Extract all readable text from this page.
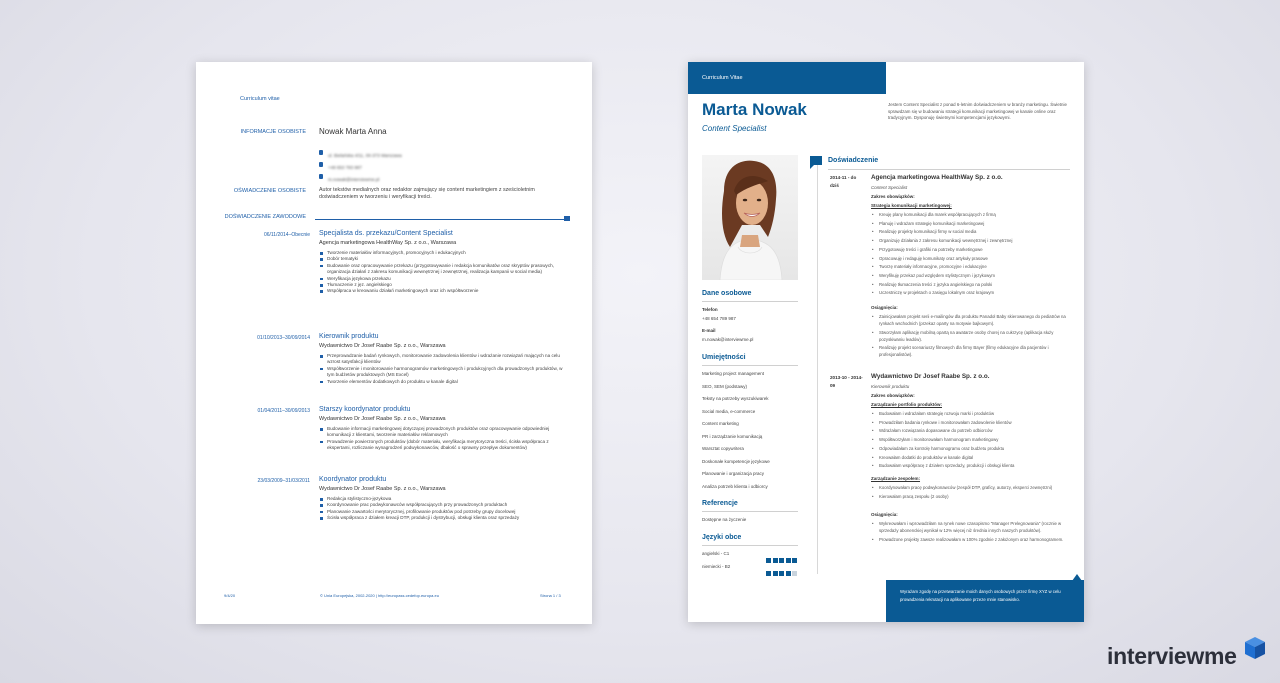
Curriculum vitae
INFORMACJE OSOBISTE Nowak Marta Anna
ul. Bielańska 4/11, 00-373 Warszawa
+48 653 783 987
m.nowak@interviewme.pl
OŚWIADCZENIE OSOBISTE Autor tekstów medialnych oraz redaktor zajmujący się content marketingiem z sześcioletnim doświadczeniem w tworzeniu i weryfikacji treści.
DOŚWIADCZENIE ZAWODOWE
06/11/2014–Obecnie Specjalista ds. przekazu/Content Specialist
Agencja marketingowa HealthWay Sp. z o.o., Warszawa
Tworzenie materiałów informacyjnych, promocyjnych i edukacyjnych
Dobór tematyki
Budowanie oraz opracowywanie przekazu (przygotowywanie i redakcja komunikatów oraz skryptów prasowych, organizacja działań z zakresu komunikacji wewnętrznej i zewnętrznej, realizacja kampanii w social media)
Weryfikacja językowa przekazu
Tłumaczenie z jęz. angielskiego
Współpraca w kreowaniu działań marketingowych oraz ich współtworzenie
01/10/2013–30/09/2014 Kierownik produktu
Wydawnictwo Dr Josef Raabe Sp. z o.o., Warszawa
Przeprowadzanie badań rynkowych, monitorowanie zadowolenia klientów i wdrażanie rozwiązań mających na celu wzrost satysfakcji klientów
Współtworzenie i monitorowanie harmonogramów marketingowych i produkcyjnych dla prowadzonych produktów, w tym budżetów produktowych (MS Excel)
Tworzenie elementów dodatkowych do produktu w kanale digital
01/04/2011–30/09/2013 Starszy koordynator produktu
Wydawnictwo Dr Josef Raabe Sp. z o.o., Warszawa
Budowanie informacji marketingowej dotyczącej prowadzonych produktów oraz opracowywanie odpowiedniej komunikacji z klientami, tworzenie materiałów reklamowych
Prowadzenie powierzonych produktów (dobór materiału, weryfikacja merytoryczna treści, ścisła współpraca z ekspertami, rozliczanie wynagrodzeń podwykonawców, dbałość o sprawny przepływ dokumentów)
23/03/2009–31/03/2011 Koordynator produktu
Wydawnictwo Dr Josef Raabe Sp. z o.o., Warszawa
Redakcja stylistyczno-językowa
Koordynowanie prac podwykonawców współpracujących przy prowadzonych produktach
Planowanie zawartości merytorycznej, profilowanie produktów pod potrzeby grupy docelowej
Ścisła współpraca z działem kreacji DTP, produkcji i dystrybucji, obsługi klienta oraz sprzedaży
9/4/20	© Unia Europejska, 2002-2020 | http://europass.cedefop.europa.eu	Strona 1 / 3
Curriculum Vitae
Marta Nowak
Content Specialist
Jestem Content Specialist z ponad 6-letnim doświadczeniem w branży marketingu. Świetnie sprawdzam się w budowaniu strategii komunikacji marketingowej w kanale online oraz tradycyjnym. Dysponuję świetnymi kompetencjami językowymi.
Dane osobowe
Telefon
+48 654 789 987
E-mail
m.nowak@interviewme.pl
Umiejętności
Marketing project management
SEO, SEM (podstawy)
Teksty na potrzeby wyszukiwarek
Social media, e-commerce
Content marketing
PR i zarządzanie komunikacją
Warsztat copywritera
Doskonałe kompetencje językowe
Planowanie i organizacja pracy
Analiza potrzeb klienta i odbiorcy
Referencje
Dostępne na życzenie
Języki obce
angielski - C1
niemiecki - B2
Doświadczenie
2014-11 - do dziś
Agencja marketingowa HealthWay Sp. z o.o.
Content Specialist
Zakres obowiązków:
Strategia komunikacji marketingowej:
• Kreuję plany komunikacji dla marek współpracujących z firmą
• Planuję i wdrażam strategię komunikacji marketingowej
• Realizuję projekty komunikacji firmy w social media
• Organizuję działania z zakresu komunikacji wewnętrznej i zewnętrznej
• Przygotowuję treści i grafiki na potrzeby marketingowe
• Opracowuję i redaguję komunikaty oraz artykuły prasowe
• Tworzę materiały informacyjne, promocyjne i edukacyjne
• Weryfikuję przekaz pod względem stylistycznym i językowym
• Realizuję tłumaczenia treści z języka angielskiego na polski
• Uczestniczę w projektach o zasięgu lokalnym oraz krajowym
Osiągnięcia:
• Zainicjowałam projekt serii e-mailingów dla produktu Panadol Baby skierowanego do pediatrów na rynkach wschodnich (przekaz oparty na motywie bajkowym).
• Stworzyłam aplikację mobilną opartą na awatarze osoby chorej na cukrzycę (aplikacja służy pozyskiwaniu leadów).
• Realizuję projekt scenariuszy filmowych dla firmy Bayer (filmy edukacyjne dla pacjentów i profesjonalistów).
2013-10 - 2014-09
Wydawnictwo Dr Josef Raabe Sp. z o.o.
Kierownik produktu
Zakres obowiązków:
Zarządzanie portfolio produktów:
• Budowałam i wdrażałam strategię rozwoju marki i produktów
• Prowadziłam badania rynkowe i monitorowałam zadowolenie klientów
• Wdrażałam rozwiązania dopasowane do potrzeb odbiorców
• Współtworzyłam i monitorowałam harmonogram marketingowy
• Odpowiadałam za kontrolę harmonogramu oraz budżetu produktu
• Kreowałam dodatki do produktów w kanale digital
• Budowałam współpracę z działem sprzedaży, produkcji i obsługi klienta
Zarządzanie zespołem:
• Koordynowałam pracę podwykonawców (zespół DTP, graficy, autorzy, eksperci zewnętrzni)
• Kierowałam pracą zespołu (2 osoby)
Osiągnięcia:
• Wykreowałam i wprowadziłam na rynek nowe czasopismo "Manager Prelegnowania" (rocznie w sprzedaży abonenckiej wynikał w 12% więcej niż średnia innych naszych produktów).
• Prowadzone projekty zawsze realizowałam w 100% zgodnie z założonym oraz harmonogramem.

Wyrażam zgodę na przetwarzanie moich danych osobowych przez firmę XYZ w celu prowadzenia rekrutacji na aplikowane przeze mnie stanowisko.

interviewme
